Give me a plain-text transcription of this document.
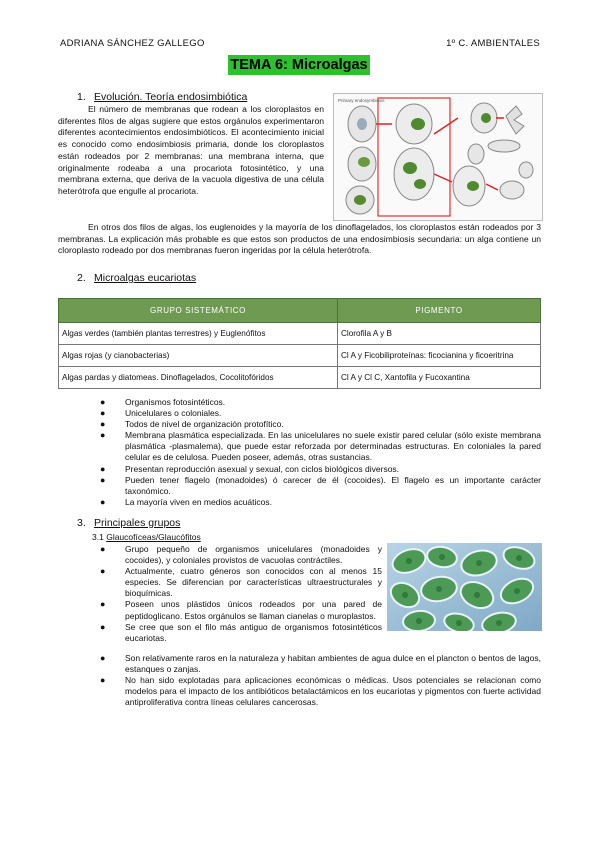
ADRIANA SÁNCHEZ GALLEGO	1º C. AMBIENTALES
TEMA 6: Microalgas
1. Evolución. Teoría endosimbiótica

El número de membranas que rodean a los cloroplastos en diferentes filos de algas sugiere que estos orgánulos experimentaron diferentes acontecimientos endosimbióticos. El acontecimiento inicial es conocido como endosimbiosis primaria, donde los cloroplastos están rodeados por 2 membranas: una membrana interna, que originalmente rodeaba a una procariota fotosintético, y una membrana externa, que deriva de la vacuola digestiva de una célula heterótrofa que engulle al procariota.

Primary endosymbiosis

En otros dos filos de algas, los euglenoides y la mayoría de los dinoflagelados, los cloroplastos están rodeados por 3 membranas. La explicación más probable es que estos son productos de una endosimbiosis secundaria: un alga contiene un cloroplasto rodeado por dos membranas fueron ingeridas por la célula heterótrofa.

2. Microalgas eucariotas
GRUPO SISTEMÁTICO	PIGMENTO
Algas verdes (también plantas terrestres) y Euglenófitos	Clorofila A y B
Algas rojas (y cianobacterias)	Cl A y Ficobiliproteínas: ficocianina y ficoeritrina
Algas pardas y diatomeas. Dinoflagelados, Cocolitofóridos	Cl A y Cl C, Xantofila y Fucoxantina
● Organismos fotosintéticos.
● Unicelulares o coloniales.
● Todos de nivel de organización protofítico.
● Membrana plasmática especializada. En las unicelulares no suele existir pared celular (sólo existe membrana plasmática -plasmalema), que puede estar reforzada por determinadas estructuras. En coloniales la pared celular es de celulosa. Pueden poseer, además, otras sustancias.
● Presentan reproducción asexual y sexual, con ciclos biológicos diversos.
● Pueden tener flagelo (monadoides) ó carecer de él (cocoides). El flagelo es un importante carácter taxonómico.
● La mayoría viven en medios acuáticos.
3. Principales grupos
3.1 Glaucofíceas/Glaucófitos
● Grupo pequeño de organismos unicelulares (monadoides y cocoides), y coloniales provistos de vacuolas contráctiles.
● Actualmente, cuatro géneros son conocidos con al menos 15 especies. Se diferencian por características ultraestructurales y bioquímicas.
● Poseen unos plástidos únicos rodeados por una pared de peptidoglicano. Estos orgánulos se llaman cianelas o muroplastos.
● Se cree que son el filo más antiguo de organismos fotosintéticos eucariotas.
● Son relativamente raros en la naturaleza y habitan ambientes de agua dulce en el plancton o bentos de lagos, estanques o zanjas.
● No han sido explotadas para aplicaciones económicas o médicas. Usos potenciales se relacionan como modelos para el impacto de los antibióticos betalactámicos en los eucariotas y pigmentos con fuerte actividad antiproliferativa contra líneas celulares cancerosas.
